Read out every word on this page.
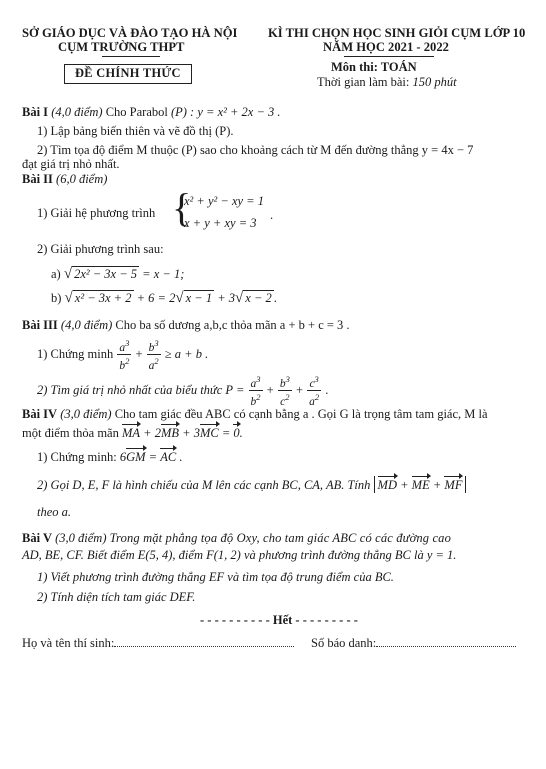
SỞ GIÁO DỤC VÀ ĐÀO TẠO HÀ NỘI
CỤM TRƯỜNG THPT
KÌ THI CHỌN HỌC SINH GIỎI CỤM LỚP 10
NĂM HỌC 2021 - 2022
ĐỀ CHÍNH THỨC	Môn thi: TOÁN
Thời gian làm bài: 150 phút
Bài I (4,0 điểm) Cho Parabol (P) : y = x² + 2x − 3 .
1) Lập bảng biến thiên và vẽ đồ thị (P).
2) Tìm tọa độ điểm M thuộc (P) sao cho khoảng cách từ M đến đường thẳng y = 4x − 7
đạt giá trị nhỏ nhất.
Bài II (6,0 điểm)
1) Giải hệ phương trình {
x² + y² − xy = 1
x + y + xy = 3
.
2) Giải phương trình sau:
a) √ 2x² − 3x − 5 = x − 1;
b) √ x² − 3x + 2 + 6 = 2√ x − 1 + 3√ x − 2 .
Bài III (4,0 điểm) Cho ba số dương a,b,c thỏa mãn a + b + c = 3 .
1) Chứng minh $\frac{a^3}{b^2} + \frac{b^3}{a^2} \ge a + b$ .
2) Tìm giá trị nhỏ nhất của biểu thức $P = \frac{a^3}{b^2} + \frac{b^3}{c^2} + \frac{c^3}{a^2}$ .
Bài IV (3,0 điểm) Cho tam giác đều ABC có cạnh bằng a . Gọi G là trọng tâm tam giác, M là
một điểm thỏa mãn MA + 2MB + 3MC = 0.
1) Chứng minh: 6GM = AC .
2) Gọi D, E, F là hình chiếu của M lên các cạnh BC, CA, AB. Tính MD + ME + MF
theo a.
Bài V (3,0 điểm) Trong mặt phẳng tọa độ Oxy, cho tam giác ABC có các đường cao
AD, BE, CF. Biết điểm E(5, 4), điểm F(1, 2) và phương trình đường thẳng BC là y = 1.
1) Viết phương trình đường thẳng EF và tìm tọa độ trung điểm của BC.
2) Tính diện tích tam giác DEF.
- - - - - - - - - - Hết - - - - - - - - -
Họ và tên thí sinh:	Số báo danh:
